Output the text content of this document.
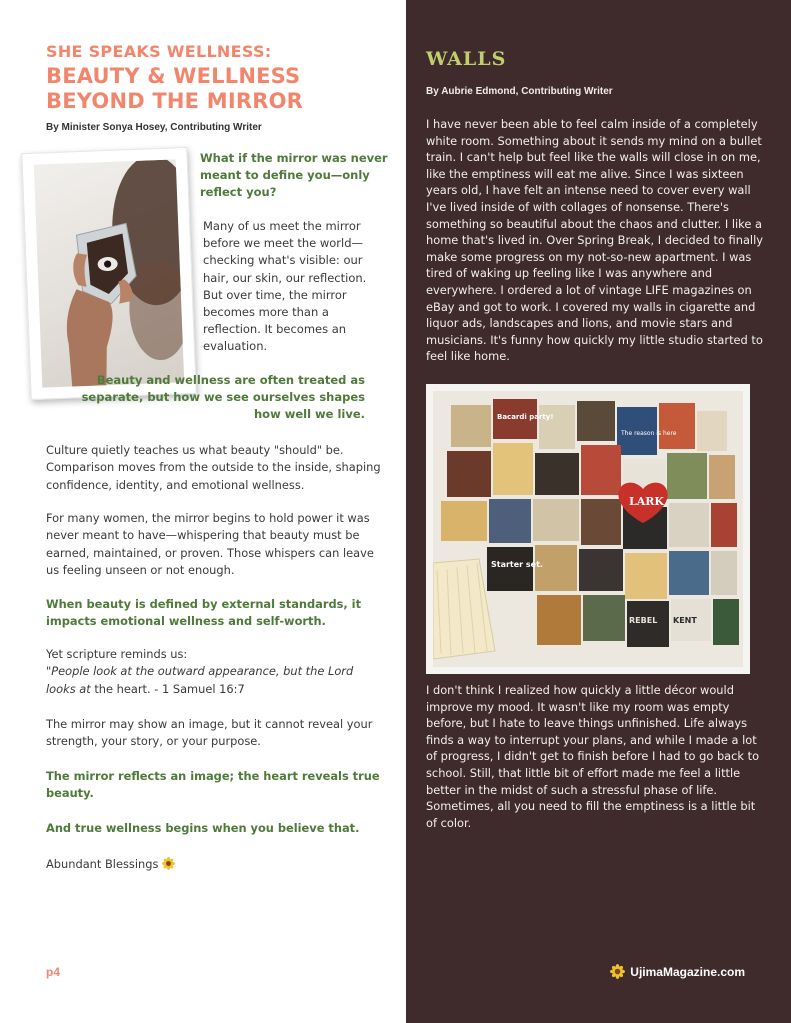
SHE SPEAKS WELLNESS:
BEAUTY & WELLNESS BEYOND THE MIRROR
By Minister Sonya Hosey, Contributing Writer
What if the mirror was never meant to define you—only reflect you?
Many of us meet the mirror before we meet the world—checking what's visible: our hair, our skin, our reflection. But over time, the mirror becomes more than a reflection. It becomes an evaluation.
Beauty and wellness are often treated as separate, but how we see ourselves shapes how well we live.

Culture quietly teaches us what beauty "should" be. Comparison moves from the outside to the inside, shaping confidence, identity, and emotional wellness.

For many women, the mirror begins to hold power it was never meant to have—whispering that beauty must be earned, maintained, or proven. Those whispers can leave us feeling unseen or not enough.

When beauty is defined by external standards, it impacts emotional wellness and self-worth.

Yet scripture reminds us:
"People look at the outward appearance, but the Lord looks at the heart. - 1 Samuel 16:7

The mirror may show an image, but it cannot reveal your strength, your story, or your purpose.

The mirror reflects an image; the heart reveals true beauty.

And true wellness begins when you believe that.

Abundant Blessings

p4
WALLS
By Aubrie Edmond, Contributing Writer

I have never been able to feel calm inside of a completely white room. Something about it sends my mind on a bullet train. I can't help but feel like the walls will close in on me, like the emptiness will eat me alive. Since I was sixteen years old, I have felt an intense need to cover every wall I've lived inside of with collages of nonsense. There's something so beautiful about the chaos and clutter. I like a home that's lived in. Over Spring Break, I decided to finally make some progress on my not-so-new apartment. I was tired of waking up feeling like I was anywhere and everywhere. I ordered a lot of vintage LIFE magazines on eBay and got to work. I covered my walls in cigarette and liquor ads, landscapes and lions, and movie stars and musicians. It's funny how quickly my little studio started to feel like home.

Bacardi party!
The reason is here
LARK
Starter set.
KENT
REBEL

I don't think I realized how quickly a little décor would improve my mood. It wasn't like my room was empty before, but I hate to leave things unfinished. Life always finds a way to interrupt your plans, and while I made a lot of progress, I didn't get to finish before I had to go back to school. Still, that little bit of effort made me feel a little better in the midst of such a stressful phase of life. Sometimes, all you need to fill the emptiness is a little bit of color.

UjimaMagazine.com
